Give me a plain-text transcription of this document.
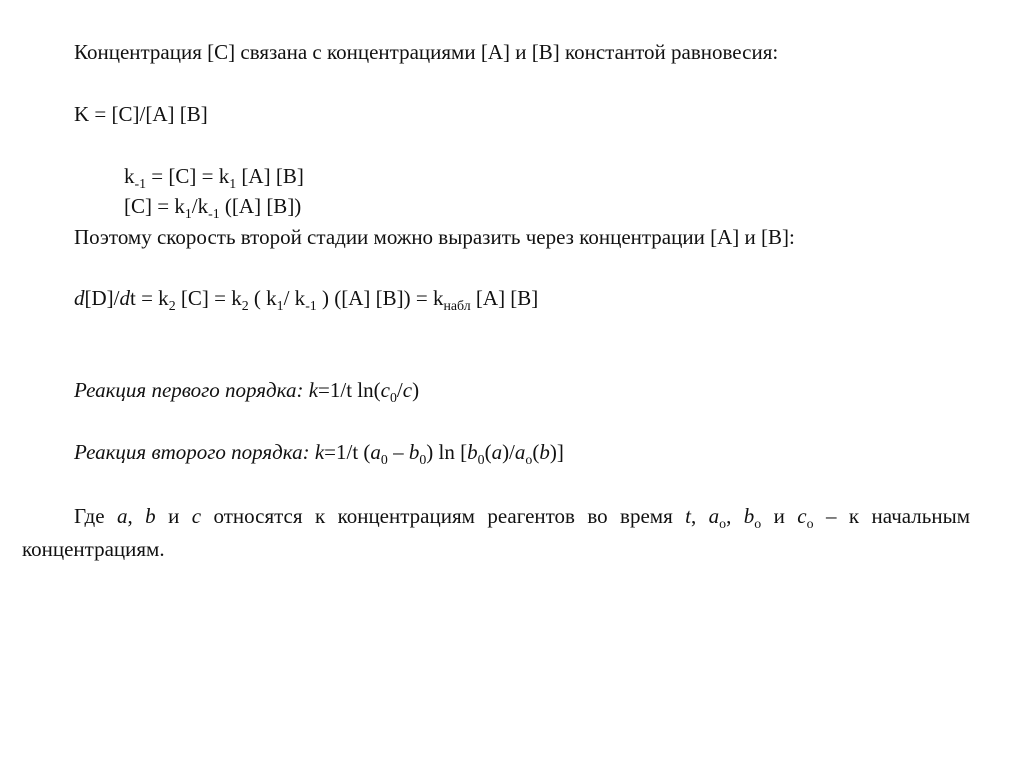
Концентрация [C] связана с концентрациями [A] и [B] константой равновесия:
K = [C]/[A] [B]
$k_{-1} = [C] = k_1$ [A] [B]
$[C] = k_1/k_{-1}$ ([A] [B])
Поэтому скорость второй стадии можно выразить через концентрации [A] и [B]:
$d[D]/dt = k_2$ $[C] = k_2$ ( $k_1/$ $k_{-1}$ ) ([A] $[B]) = k_{набл}$ [A] [B]
Реакция первого порядка: k=1/t $\ln(c_0/c)$
Реакция второго порядка: k=1/t $(a_0 - b_0)$ $\ln [b_0(a)/a_o(b)]$
Где a, b и c относятся к концентрациям реагентов во время t, $a_o$, $b_o$ и $c_o$ – к начальным концентрациям.
